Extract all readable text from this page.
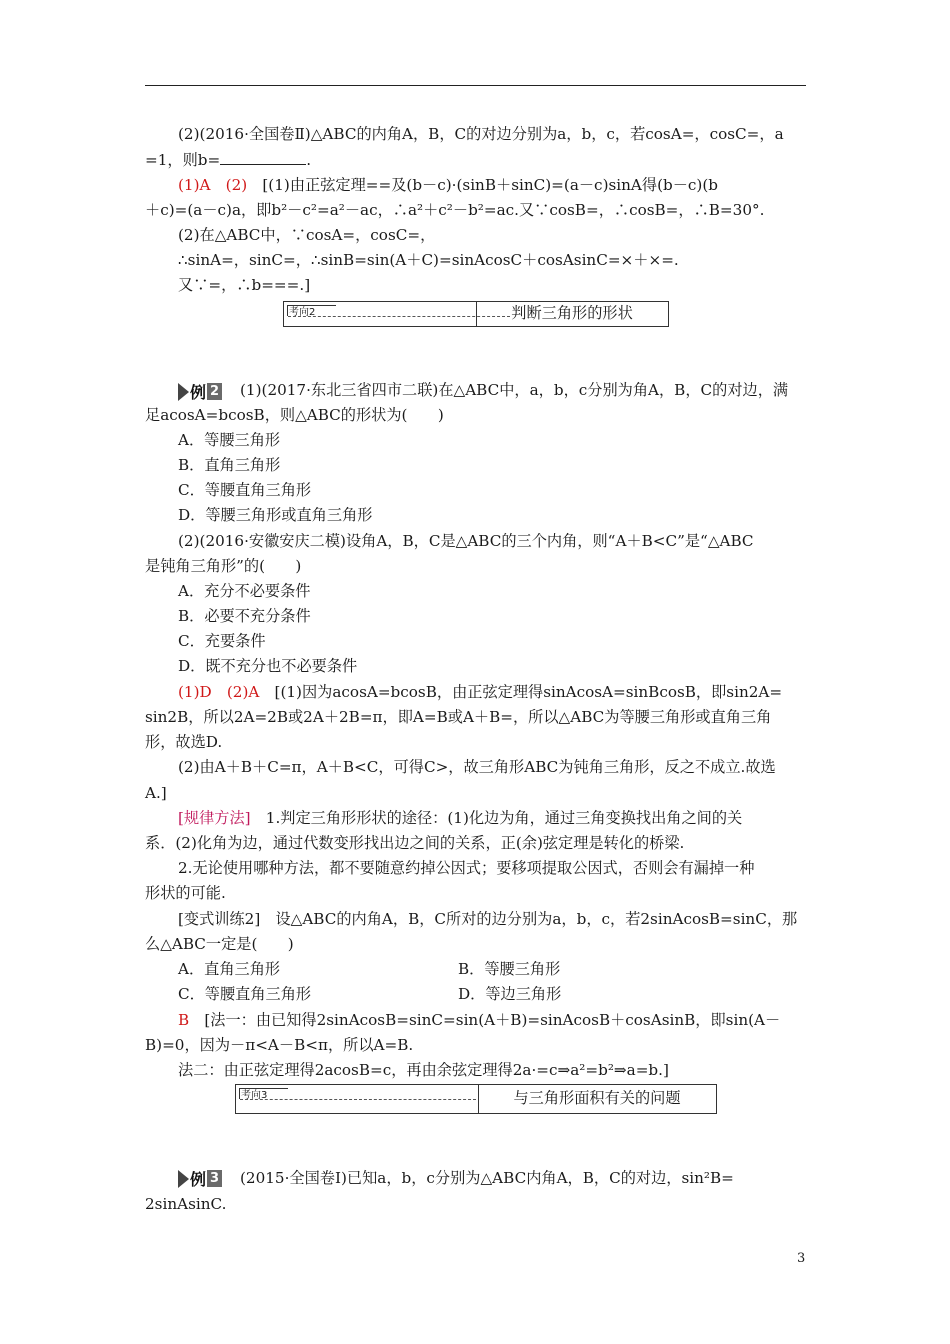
(2)(2016·全国卷Ⅱ)△ABC的内角A，B，C的对边分别为a，b，c，若cosA=，cosC=，a
=1，则b=	.
(1)A　(2)　[(1)由正弦定理==及(b－c)·(sinB＋sinC)=(a－c)sinA得(b－c)(b
＋c)=(a－c)a，即b²－c²=a²－ac，∴a²＋c²－b²=ac.又∵cosB=，∴cosB=，∴B=30°.
(2)在△ABC中，∵cosA=，cosC=，
∴sinA=，sinC=，∴sinB=sin(A＋C)=sinAcosC＋cosAsinC=×＋×=.
又∵=，∴b===.]
考向2	判断三角形的形状
例 2 (1)(2017·东北三省四市二联)在△ABC中，a，b，c分别为角A，B，C的对边，满
足acosA=bcosB，则△ABC的形状为(　　)
A．等腰三角形
B．直角三角形
C．等腰直角三角形
D．等腰三角形或直角三角形
(2)(2016·安徽安庆二模)设角A，B，C是△ABC的三个内角，则“A＋B<C”是“△ABC
是钝角三角形”的(　　)
A．充分不必要条件
B．必要不充分条件
C．充要条件
D．既不充分也不必要条件
(1)D　(2)A　[(1)因为acosA=bcosB，由正弦定理得sinAcosA=sinBcosB，即sin2A=
sin2B，所以2A=2B或2A＋2B=π，即A=B或A＋B=，所以△ABC为等腰三角形或直角三角
形，故选D.
(2)由A＋B＋C=π，A＋B<C，可得C>，故三角形ABC为钝角三角形，反之不成立.故选
A.]
[规律方法]　1.判定三角形形状的途径：(1)化边为角，通过三角变换找出角之间的关
系．(2)化角为边，通过代数变形找出边之间的关系，正(余)弦定理是转化的桥梁.
2.无论使用哪种方法，都不要随意约掉公因式；要移项提取公因式，否则会有漏掉一种
形状的可能.
[变式训练2]　设△ABC的内角A，B，C所对的边分别为a，b，c，若2sinAcosB=sinC，那
么△ABC一定是(　　)
A．直角三角形	B．等腰三角形
C．等腰直角三角形	D．等边三角形
B　[法一：由已知得2sinAcosB=sinC=sin(A＋B)=sinAcosB＋cosAsinB，即sin(A－
B)=0，因为－π<A－B<π，所以A=B.
法二：由正弦定理得2acosB=c，再由余弦定理得2a·=c⇒a²=b²⇒a=b.]
考向3	与三角形面积有关的问题
例 3 (2015·全国卷Ⅰ)已知a，b，c分别为△ABC内角A，B，C的对边，sin²B=
2sinAsinC.
3
